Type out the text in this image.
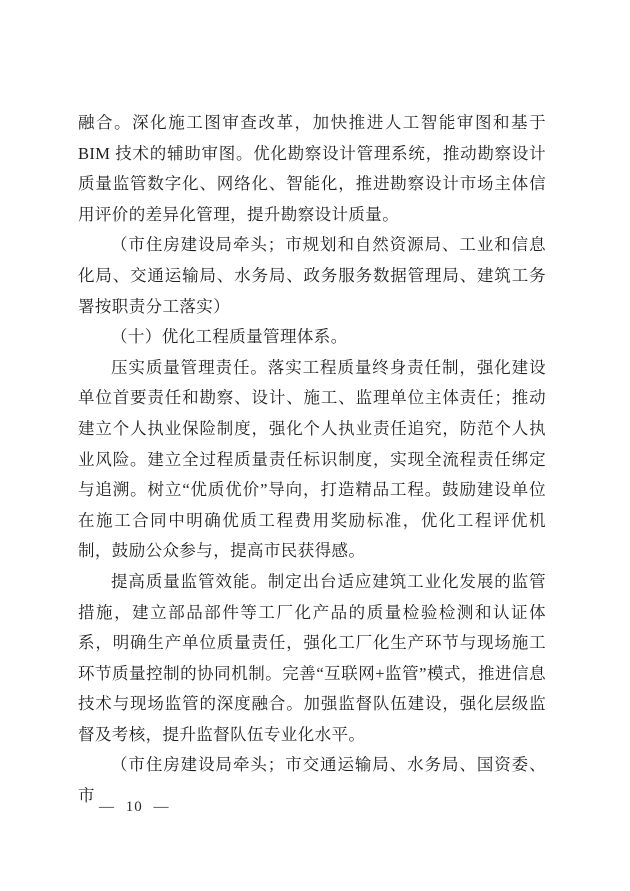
融合。深化施工图审查改革，加快推进人工智能审图和基于 BIM 技术的辅助审图。优化勘察设计管理系统，推动勘察设计质量监管数字化、网络化、智能化，推进勘察设计市场主体信用评价的差异化管理，提升勘察设计质量。

（市住房建设局牵头；市规划和自然资源局、工业和信息化局、交通运输局、水务局、政务服务数据管理局、建筑工务署按职责分工落实）

（十）优化工程质量管理体系。

压实质量管理责任。落实工程质量终身责任制，强化建设单位首要责任和勘察、设计、施工、监理单位主体责任；推动建立个人执业保险制度，强化个人执业责任追究，防范个人执业风险。建立全过程质量责任标识制度，实现全流程责任绑定与追溯。树立“优质优价”导向，打造精品工程。鼓励建设单位在施工合同中明确优质工程费用奖励标准，优化工程评优机制，鼓励公众参与，提高市民获得感。

提高质量监管效能。制定出台适应建筑工业化发展的监管措施，建立部品部件等工厂化产品的质量检验检测和认证体系，明确生产单位质量责任，强化工厂化生产环节与现场施工环节质量控制的协同机制。完善“互联网+监管”模式，推进信息技术与现场监管的深度融合。加强监督队伍建设，强化层级监督及考核，提升监督队伍专业化水平。

（市住房建设局牵头；市交通运输局、水务局、国资委、市

— 10 —
